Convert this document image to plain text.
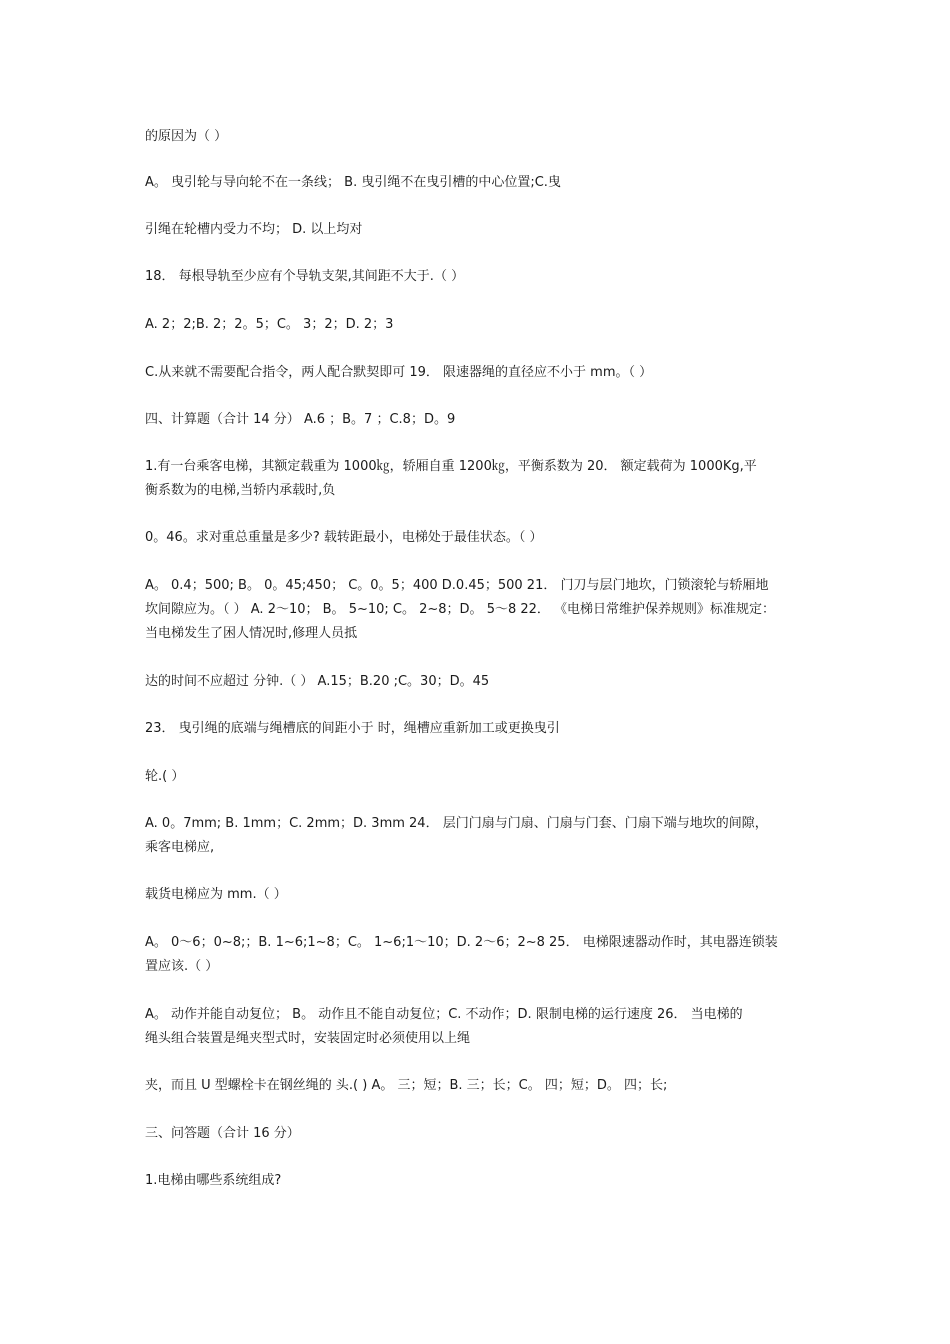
的原因为（ ）
A。 曳引轮与导向轮不在一条线； B. 曳引绳不在曳引槽的中心位置;C.曳
引绳在轮槽内受力不均； D. 以上均对
18． 每根导轨至少应有个导轨支架,其间距不大于.（ ）
A. 2；2;B. 2；2。5；C。 3；2；D. 2；3
C.从来就不需要配合指令，两人配合默契即可 19． 限速器绳的直径应不小于 mm。（ ）
四、计算题（合计 14 分） A.6 ；B。7 ；C.8；D。9
1.有一台乘客电梯，其额定载重为 1000㎏，轿厢自重 1200㎏，平衡系数为 20． 额定载荷为 1000Kg,平
衡系数为的电梯,当轿内承载时,负
0。46。求对重总重量是多少? 载转距最小，电梯处于最佳状态。（ ）
A。 0.4；500; B。 0。45;450； C。0。5；400 D.0.45；500 21． 门刀与层门地坎，门锁滚轮与轿厢地
坎间隙应为。（ ） A. 2～10； B。 5~10; C。 2~8；D。 5～8 22． 《电梯日常维护保养规则》标准规定：
当电梯发生了困人情况时,修理人员抵
达的时间不应超过 分钟.（ ） A.15；B.20 ;C。30；D。45
23． 曳引绳的底端与绳槽底的间距小于 时，绳槽应重新加工或更换曳引
轮.( ）
A. 0。7mm; B. 1mm；C. 2mm；D. 3mm 24． 层门门扇与门扇、门扇与门套、门扇下端与地坎的间隙，
乘客电梯应,
载货电梯应为 mm.（ ）
A。 0～6；0~8;；B. 1~6;1~8；C。 1~6;1～10；D. 2～6；2~8 25． 电梯限速器动作时，其电器连锁装
置应该.（ ）
A。 动作并能自动复位； B。 动作且不能自动复位；C. 不动作；D. 限制电梯的运行速度 26． 当电梯的
绳头组合装置是绳夹型式时，安装固定时必须使用以上绳
夹，而且 U 型螺栓卡在钢丝绳的 头.( ) A。 三；短；B. 三；长；C。 四；短；D。 四；长;
三、问答题（合计 16 分）
1.电梯由哪些系统组成?
